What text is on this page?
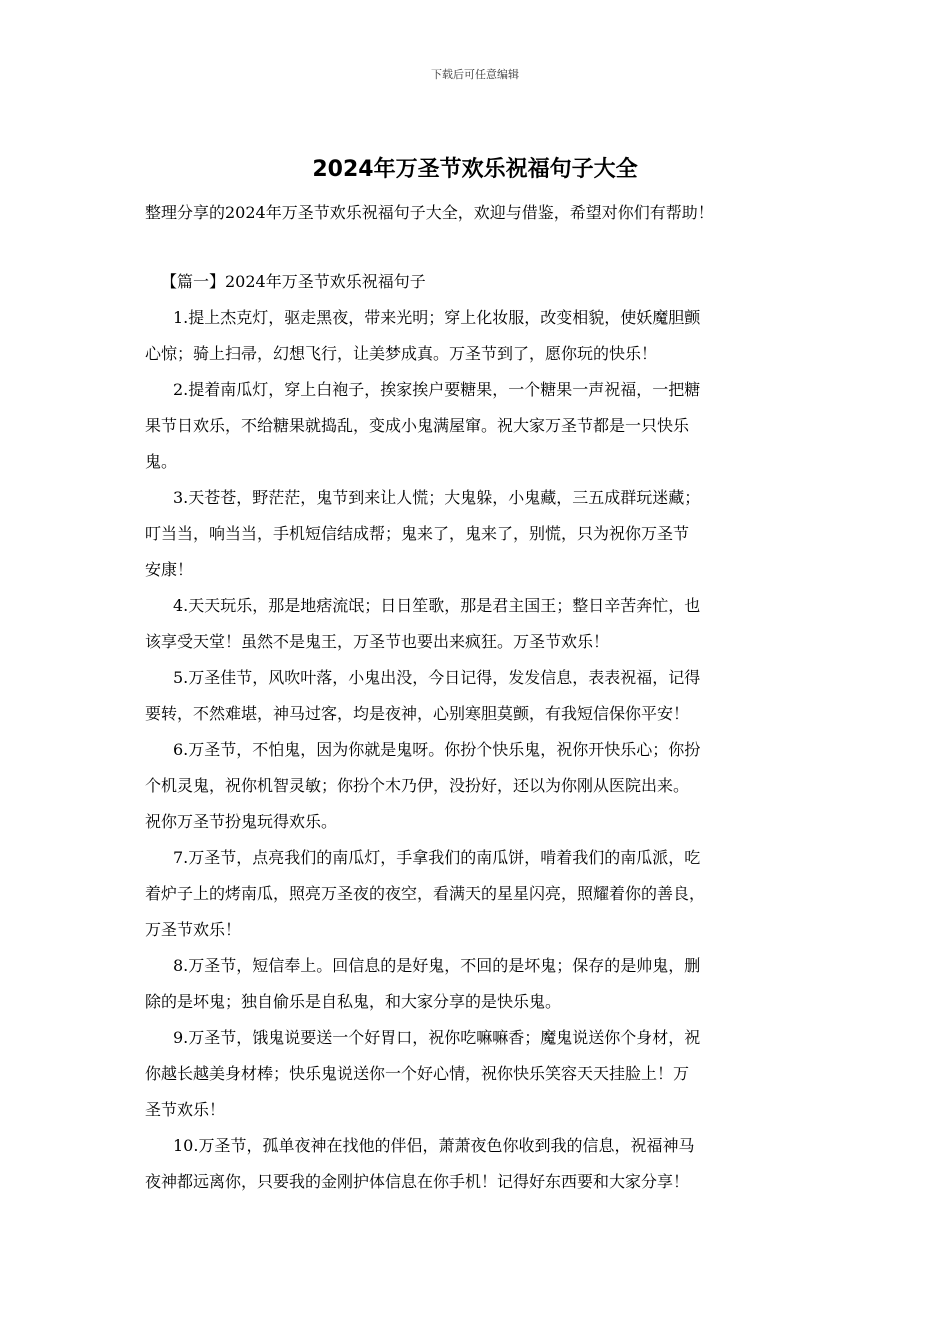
下载后可任意编辑
2024年万圣节欢乐祝福句子大全

整理分享的2024年万圣节欢乐祝福句子大全，欢迎与借鉴，希望对你们有帮助！

【篇一】2024年万圣节欢乐祝福句子

1.提上杰克灯，驱走黑夜，带来光明；穿上化妆服，改变相貌，使妖魔胆颤
心惊；骑上扫帚，幻想飞行，让美梦成真。万圣节到了，愿你玩的快乐！

2.提着南瓜灯，穿上白袍子，挨家挨户要糖果，一个糖果一声祝福，一把糖
果节日欢乐，不给糖果就捣乱，变成小鬼满屋窜。祝大家万圣节都是一只快乐
鬼。

3.天苍苍，野茫茫，鬼节到来让人慌；大鬼躲，小鬼藏，三五成群玩迷藏；
叮当当，响当当，手机短信结成帮；鬼来了，鬼来了，别慌，只为祝你万圣节
安康！

4.天天玩乐，那是地痞流氓；日日笙歌，那是君主国王；整日辛苦奔忙，也
该享受天堂！虽然不是鬼王，万圣节也要出来疯狂。万圣节欢乐！

5.万圣佳节，风吹叶落，小鬼出没，今日记得，发发信息，表表祝福，记得
要转，不然难堪，神马过客，均是夜神，心别寒胆莫颤，有我短信保你平安！

6.万圣节，不怕鬼，因为你就是鬼呀。你扮个快乐鬼，祝你开快乐心；你扮
个机灵鬼，祝你机智灵敏；你扮个木乃伊，没扮好，还以为你刚从医院出来。
祝你万圣节扮鬼玩得欢乐。

7.万圣节，点亮我们的南瓜灯，手拿我们的南瓜饼，啃着我们的南瓜派，吃
着炉子上的烤南瓜，照亮万圣夜的夜空，看满天的星星闪亮，照耀着你的善良，
万圣节欢乐！

8.万圣节，短信奉上。回信息的是好鬼，不回的是坏鬼；保存的是帅鬼，删
除的是坏鬼；独自偷乐是自私鬼，和大家分享的是快乐鬼。

9.万圣节，饿鬼说要送一个好胃口，祝你吃嘛嘛香；魔鬼说送你个身材，祝
你越长越美身材棒；快乐鬼说送你一个好心情，祝你快乐笑容天天挂脸上！万
圣节欢乐！

10.万圣节，孤单夜神在找他的伴侣，萧萧夜色你收到我的信息，祝福神马
夜神都远离你，只要我的金刚护体信息在你手机！记得好东西要和大家分享！
